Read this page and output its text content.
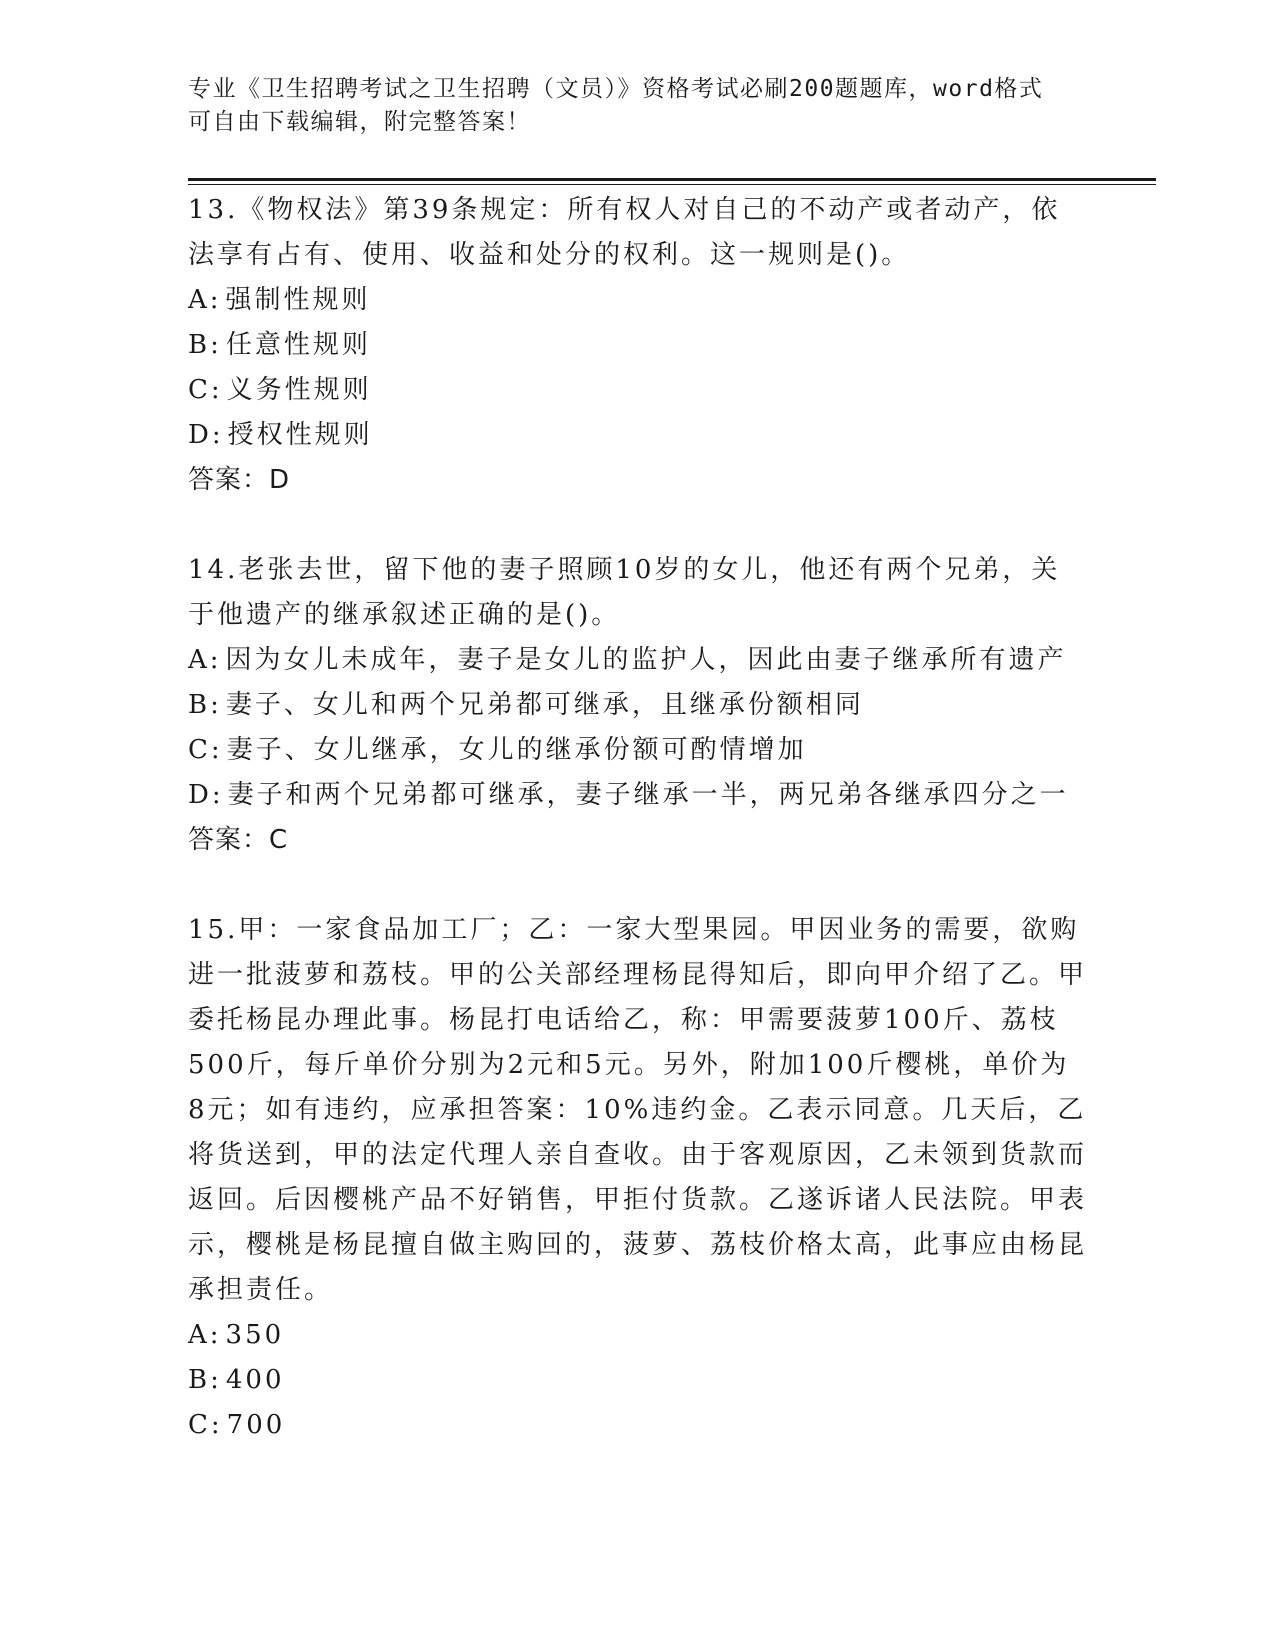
专业《卫生招聘考试之卫生招聘（文员）》资格考试必刷200题题库，word格式

可自由下载编辑，附完整答案！

13.《物权法》第39条规定：所有权人对自己的不动产或者动产，依法享有占有、使用、收益和处分的权利。这一规则是()。

A: 强制性规则

B: 任意性规则

C: 义务性规则

D: 授权性规则

答案：D

14.老张去世，留下他的妻子照顾10岁的女儿，他还有两个兄弟，关于他遗产的继承叙述正确的是()。

A: 因为女儿未成年，妻子是女儿的监护人，因此由妻子继承所有遗产

B: 妻子、女儿和两个兄弟都可继承，且继承份额相同

C: 妻子、女儿继承，女儿的继承份额可酌情增加

D: 妻子和两个兄弟都可继承，妻子继承一半，两兄弟各继承四分之一

答案：C

15.甲：一家食品加工厂；乙：一家大型果园。甲因业务的需要，欲购进一批菠萝和荔枝。甲的公关部经理杨昆得知后，即向甲介绍了乙。甲委托杨昆办理此事。杨昆打电话给乙，称：甲需要菠萝100斤、荔枝500斤，每斤单价分别为2元和5元。另外，附加100斤樱桃，单价为8元；如有违约，应承担答案：10%违约金。乙表示同意。几天后，乙将货送到，甲的法定代理人亲自查收。由于客观原因，乙未领到货款而返回。后因樱桃产品不好销售，甲拒付货款。乙遂诉诸人民法院。甲表示，樱桃是杨昆擅自做主购回的，菠萝、荔枝价格太高，此事应由杨昆承担责任。

A: 350

B: 400

C: 700
